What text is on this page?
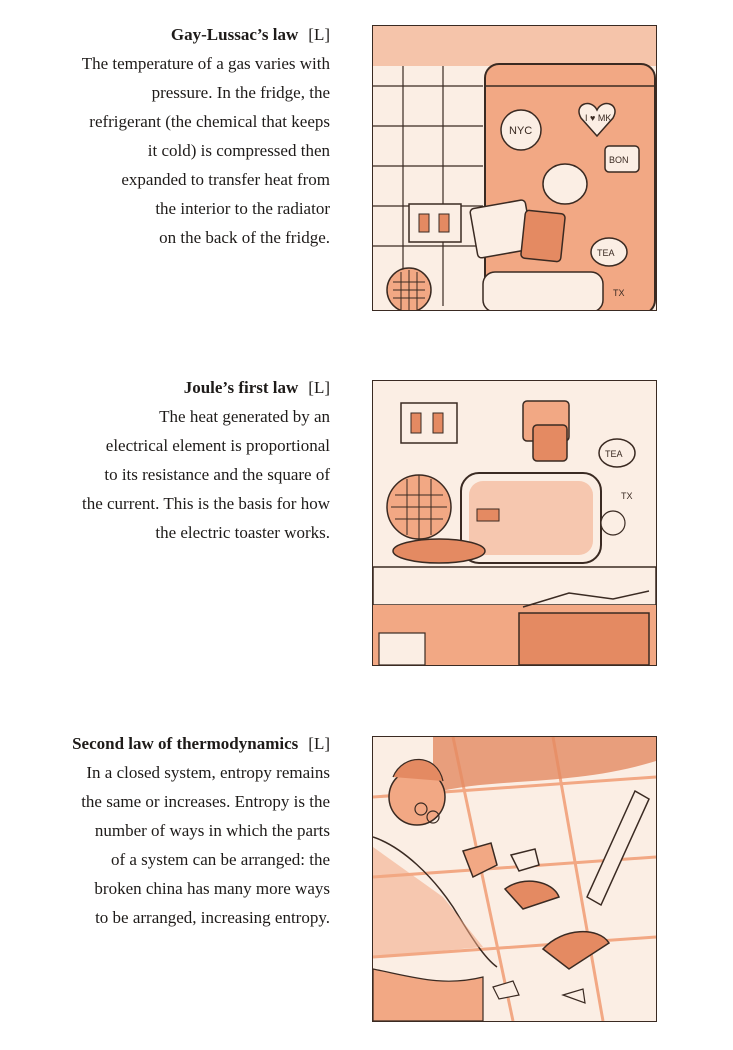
Gay-Lussac’s law [L]
The temperature of a gas varies with
pressure. In the fridge, the
refrigerant (the chemical that keeps
it cold) is compressed then
expanded to transfer heat from
the interior to the radiator
on the back of the fridge.
NYC
I ♥ MK
BON
TEA
TX
Joule’s first law [L]
The heat generated by an
electrical element is proportional
to its resistance and the square of
the current. This is the basis for how
the electric toaster works.
TEA
TX
Second law of thermodynamics [L]
In a closed system, entropy remains
the same or increases. Entropy is the
number of ways in which the parts
of a system can be arranged: the
broken china has many more ways
to be arranged, increasing entropy.
